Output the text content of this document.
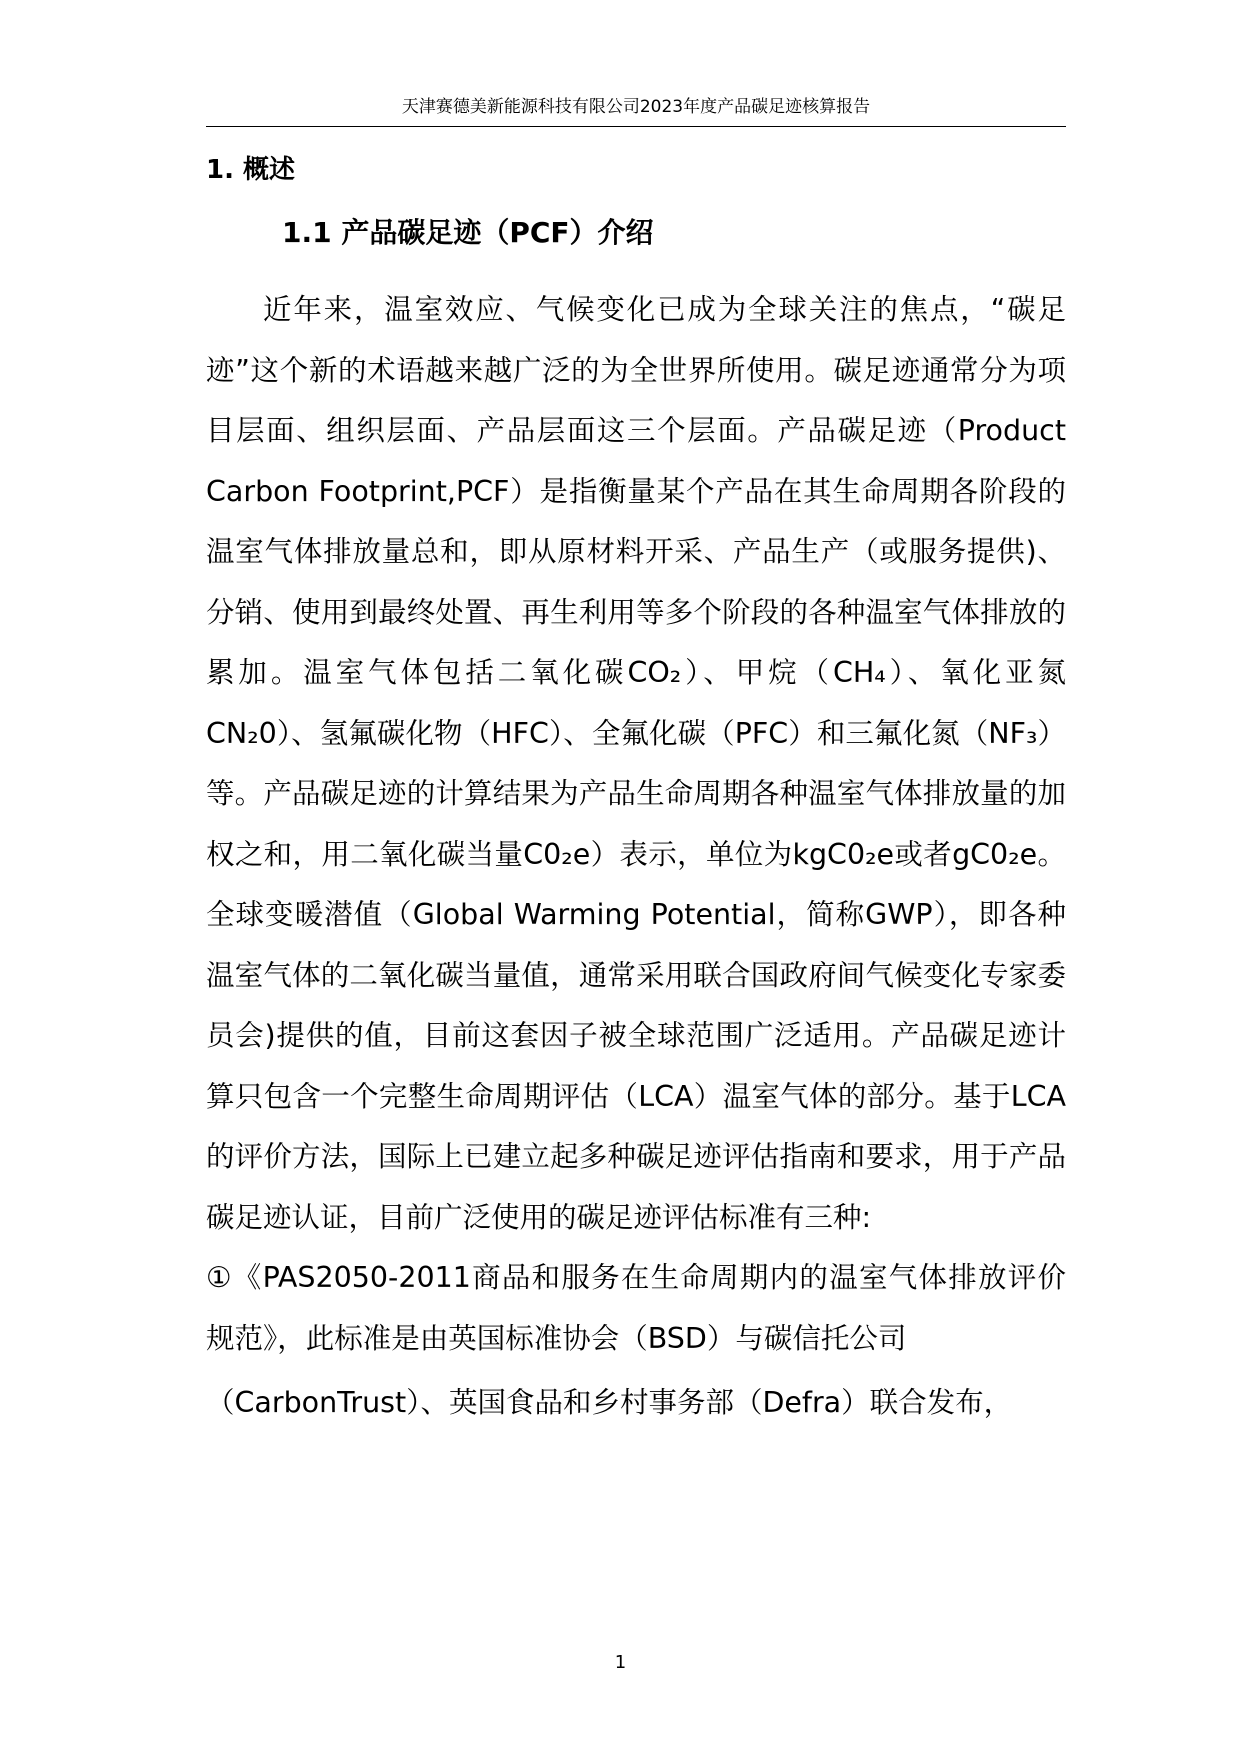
天津赛德美新能源科技有限公司2023年度产品碳足迹核算报告
1. 概述
1.1 产品碳足迹（PCF）介绍

近年来，温室效应、气候变化已成为全球关注的焦点，“碳足迹”这个新的术语越来越广泛的为全世界所使用。碳足迹通常分为项目层面、组织层面、产品层面这三个层面。产品碳足迹（Product Carbon Footprint,PCF）是指衡量某个产品在其生命周期各阶段的温室气体排放量总和，即从原材料开采、产品生产（或服务提供)、分销、使用到最终处置、再生利用等多个阶段的各种温室气体排放的累加。温室气体包括二氧化碳CO₂）、甲烷（CH₄）、氧化亚氮CN₂0）、氢氟碳化物（HFC）、全氟化碳（PFC）和三氟化氮（NF₃）等。产品碳足迹的计算结果为产品生命周期各种温室气体排放量的加权之和，用二氧化碳当量C0₂e）表示，单位为kgC0₂e或者gC0₂e。全球变暖潜值（Global Warming Potential，简称GWP），即各种温室气体的二氧化碳当量值，通常采用联合国政府间气候变化专家委员会)提供的值，目前这套因子被全球范围广泛适用。产品碳足迹计算只包含一个完整生命周期评估（LCA）温室气体的部分。基于LCA的评价方法，国际上已建立起多种碳足迹评估指南和要求，用于产品碳足迹认证，目前广泛使用的碳足迹评估标准有三种:

①《PAS2050-2011商品和服务在生命周期内的温室气体排放评价规范》，此标准是由英国标准协会（BSD）与碳信托公司

（CarbonTrust）、英国食品和乡村事务部（Defra）联合发布，

1
